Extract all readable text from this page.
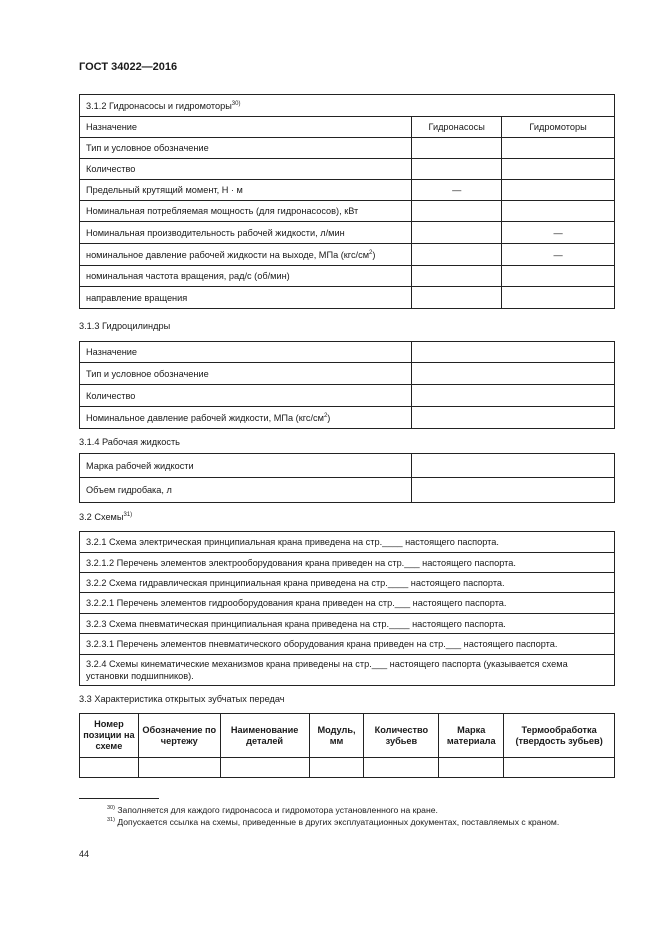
ГОСТ 34022—2016
3.1.2 Гидронасосы и гидромоторы$^{30)}$
Назначение	Гидронасосы	Гидромоторы
Тип и условное обозначение		
Количество		
Предельный крутящий момент, Н · м	—	
Номинальная потребляемая мощность (для гидронасосов), кВт		
Номинальная производительность рабочей жидкости, л/мин		—
номинальное давление рабочей жидкости на выходе, МПа $(кгс/см^2)$		—
номинальная частота вращения, рад/с (об/мин)		
направление вращения		
3.1.3 Гидроцилиндры
Назначение	
Тип и условное обозначение	
Количество	
Номинальное давление рабочей жидкости, МПа $(кгс/см^2)$	
3.1.4 Рабочая жидкость
Марка рабочей жидкости	
Объем гидробака, л	
3.2 Схемы$^{31)}$
3.2.1 Схема электрическая принципиальная крана приведена на стр.____ настоящего паспорта.
3.2.1.2 Перечень элементов электрооборудования крана приведен на стр.___ настоящего паспорта.
3.2.2 Схема гидравлическая принципиальная крана приведена на стр.____ настоящего паспорта.
3.2.2.1 Перечень элементов гидрооборудования крана приведен на стр.___ настоящего паспорта.
3.2.3 Схема пневматическая принципиальная крана приведена на стр.____ настоящего паспорта.
3.2.3.1 Перечень элементов пневматического оборудования крана приведен на стр.___ настоящего паспорта.
3.2.4 Схемы кинематические механизмов крана приведены на стр.___ настоящего паспорта (указывается схема установки подшипников).
3.3 Характеристика открытых зубчатых передач
Номер позиции на схеме	Обозначение по чертежу	Наименование деталей	Модуль, мм	Количество зубьев	Марка материала	Термообработка (твердость зубьев)

$^{30)}$ Заполняется для каждого гидронасоса и гидромотора установленного на кране.
$^{31)}$ Допускается ссылка на схемы, приведенные в других эксплуатационных документах, поставляемых с краном.
44
